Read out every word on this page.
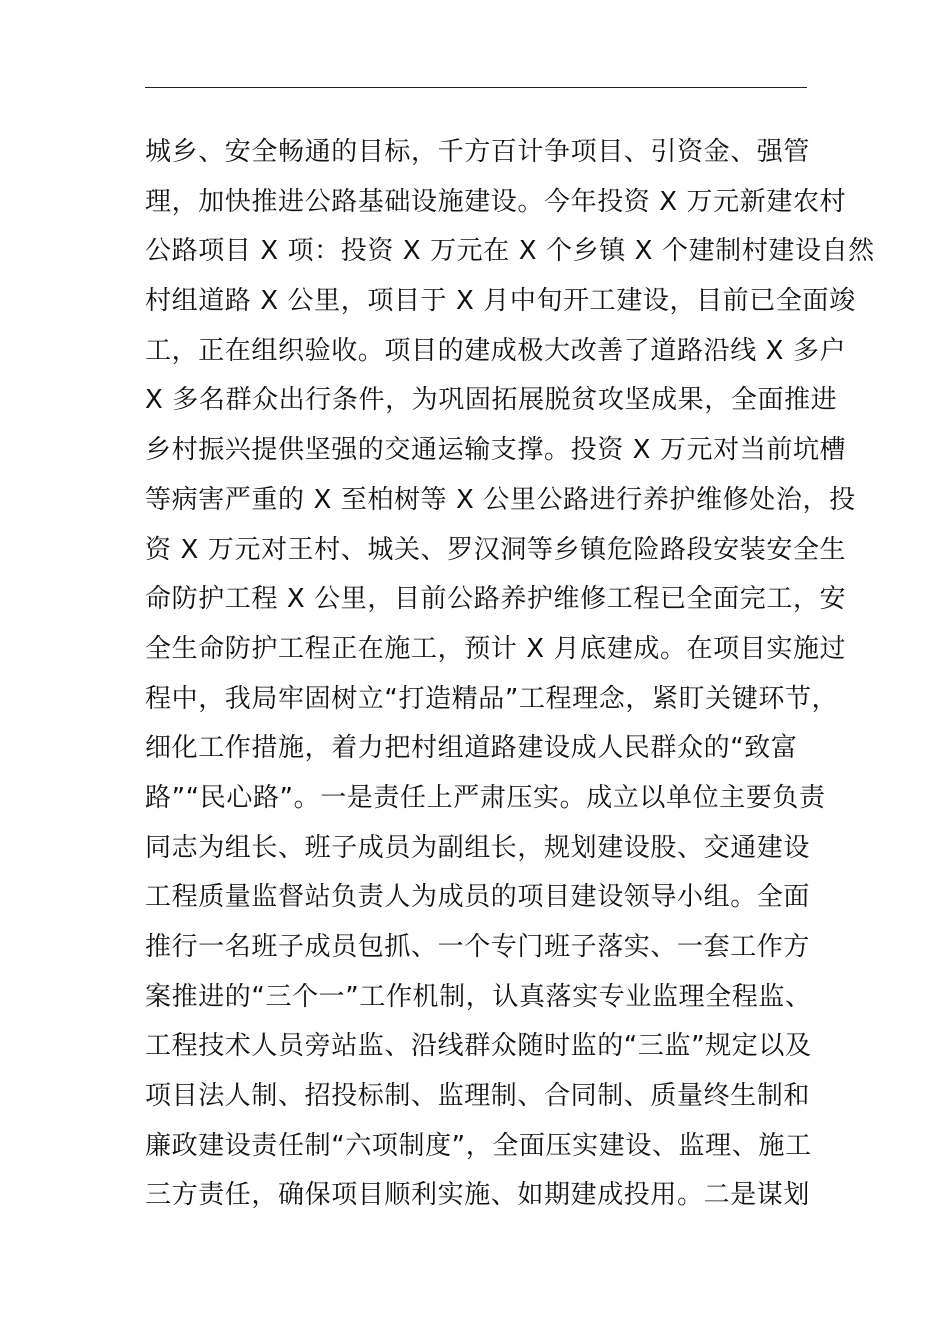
城乡、安全畅通的目标，千方百计争项目、引资金、强管
理，加快推进公路基础设施建设。今年投资 X 万元新建农村
公路项目 X 项：投资 X 万元在 X 个乡镇 X 个建制村建设自然
村组道路 X 公里，项目于 X 月中旬开工建设，目前已全面竣
工，正在组织验收。项目的建成极大改善了道路沿线 X 多户
X 多名群众出行条件，为巩固拓展脱贫攻坚成果，全面推进
乡村振兴提供坚强的交通运输支撑。投资 X 万元对当前坑槽
等病害严重的 X 至柏树等 X 公里公路进行养护维修处治，投
资 X 万元对王村、城关、罗汉洞等乡镇危险路段安装安全生
命防护工程 X 公里，目前公路养护维修工程已全面完工，安
全生命防护工程正在施工，预计 X 月底建成。在项目实施过
程中，我局牢固树立“打造精品”工程理念，紧盯关键环节，
细化工作措施，着力把村组道路建设成人民群众的“致富
路”“民心路”。一是责任上严肃压实。成立以单位主要负责
同志为组长、班子成员为副组长，规划建设股、交通建设
工程质量监督站负责人为成员的项目建设领导小组。全面
推行一名班子成员包抓、一个专门班子落实、一套工作方
案推进的“三个一”工作机制，认真落实专业监理全程监、
工程技术人员旁站监、沿线群众随时监的“三监”规定以及
项目法人制、招投标制、监理制、合同制、质量终生制和
廉政建设责任制“六项制度”，全面压实建设、监理、施工
三方责任，确保项目顺利实施、如期建成投用。二是谋划
